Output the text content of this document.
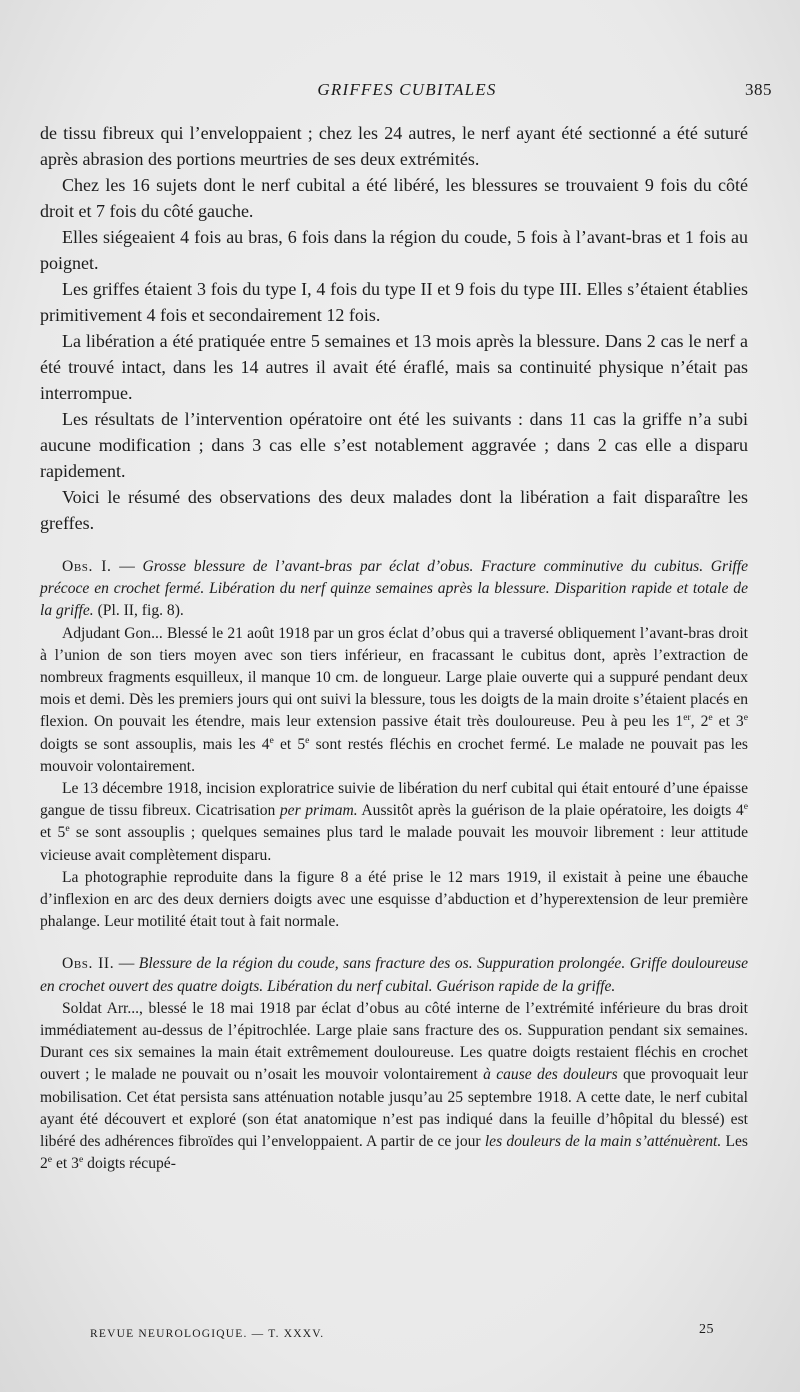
GRIFFES CUBITALES	385

de tissu fibreux qui l’enveloppaient ; chez les 24 autres, le nerf ayant été sectionné a été suturé après abrasion des portions meurtries de ses deux extrémités.

Chez les 16 sujets dont le nerf cubital a été libéré, les blessures se trouvaient 9 fois du côté droit et 7 fois du côté gauche.

Elles siégeaient 4 fois au bras, 6 fois dans la région du coude, 5 fois à l’avant-bras et 1 fois au poignet.

Les griffes étaient 3 fois du type I, 4 fois du type II et 9 fois du type III. Elles s’étaient établies primitivement 4 fois et secondairement 12 fois.

La libération a été pratiquée entre 5 semaines et 13 mois après la blessure. Dans 2 cas le nerf a été trouvé intact, dans les 14 autres il avait été éraflé, mais sa continuité physique n’était pas interrompue.

Les résultats de l’intervention opératoire ont été les suivants : dans 11 cas la griffe n’a subi aucune modification ; dans 3 cas elle s’est notablement aggravée ; dans 2 cas elle a disparu rapidement.

Voici le résumé des observations des deux malades dont la libération a fait disparaître les greffes.

Obs. I. — Grosse blessure de l’avant-bras par éclat d’obus. Fracture comminutive du cubitus. Griffe précoce en crochet fermé. Libération du nerf quinze semaines après la blessure. Disparition rapide et totale de la griffe. (Pl. II, fig. 8).

Adjudant Gon... Blessé le 21 août 1918 par un gros éclat d’obus qui a traversé obliquement l’avant-bras droit à l’union de son tiers moyen avec son tiers inférieur, en fracassant le cubitus dont, après l’extraction de nombreux fragments esquilleux, il manque 10 cm. de longueur. Large plaie ouverte qui a suppuré pendant deux mois et demi. Dès les premiers jours qui ont suivi la blessure, tous les doigts de la main droite s’étaient placés en flexion. On pouvait les étendre, mais leur extension passive était très douloureuse. Peu à peu les 1er, 2e et 3e doigts se sont assouplis, mais les 4e et 5e sont restés fléchis en crochet fermé. Le malade ne pouvait pas les mouvoir volontairement.

Le 13 décembre 1918, incision exploratrice suivie de libération du nerf cubital qui était entouré d’une épaisse gangue de tissu fibreux. Cicatrisation per primam. Aussitôt après la guérison de la plaie opératoire, les doigts 4e et 5e se sont assouplis ; quelques semaines plus tard le malade pouvait les mouvoir librement : leur attitude vicieuse avait complètement disparu.

La photographie reproduite dans la figure 8 a été prise le 12 mars 1919, il existait à peine une ébauche d’inflexion en arc des deux derniers doigts avec une esquisse d’abduction et d’hyperextension de leur première phalange. Leur motilité était tout à fait normale.

Obs. II. — Blessure de la région du coude, sans fracture des os. Suppuration prolongée. Griffe douloureuse en crochet ouvert des quatre doigts. Libération du nerf cubital. Guérison rapide de la griffe.

Soldat Arr..., blessé le 18 mai 1918 par éclat d’obus au côté interne de l’extrémité inférieure du bras droit immédiatement au-dessus de l’épitrochlée. Large plaie sans fracture des os. Suppuration pendant six semaines. Durant ces six semaines la main était extrêmement douloureuse. Les quatre doigts restaient fléchis en crochet ouvert ; le malade ne pouvait ou n’osait les mouvoir volontairement à cause des douleurs que provoquait leur mobilisation. Cet état persista sans atténuation notable jusqu’au 25 septembre 1918. A cette date, le nerf cubital ayant été découvert et exploré (son état anatomique n’est pas indiqué dans la feuille d’hôpital du blessé) est libéré des adhérences fibroïdes qui l’enveloppaient. A partir de ce jour les douleurs de la main s’atténuèrent. Les 2e et 3e doigts récupé-

REVUE NEUROLOGIQUE. — T. XXXV.	25
